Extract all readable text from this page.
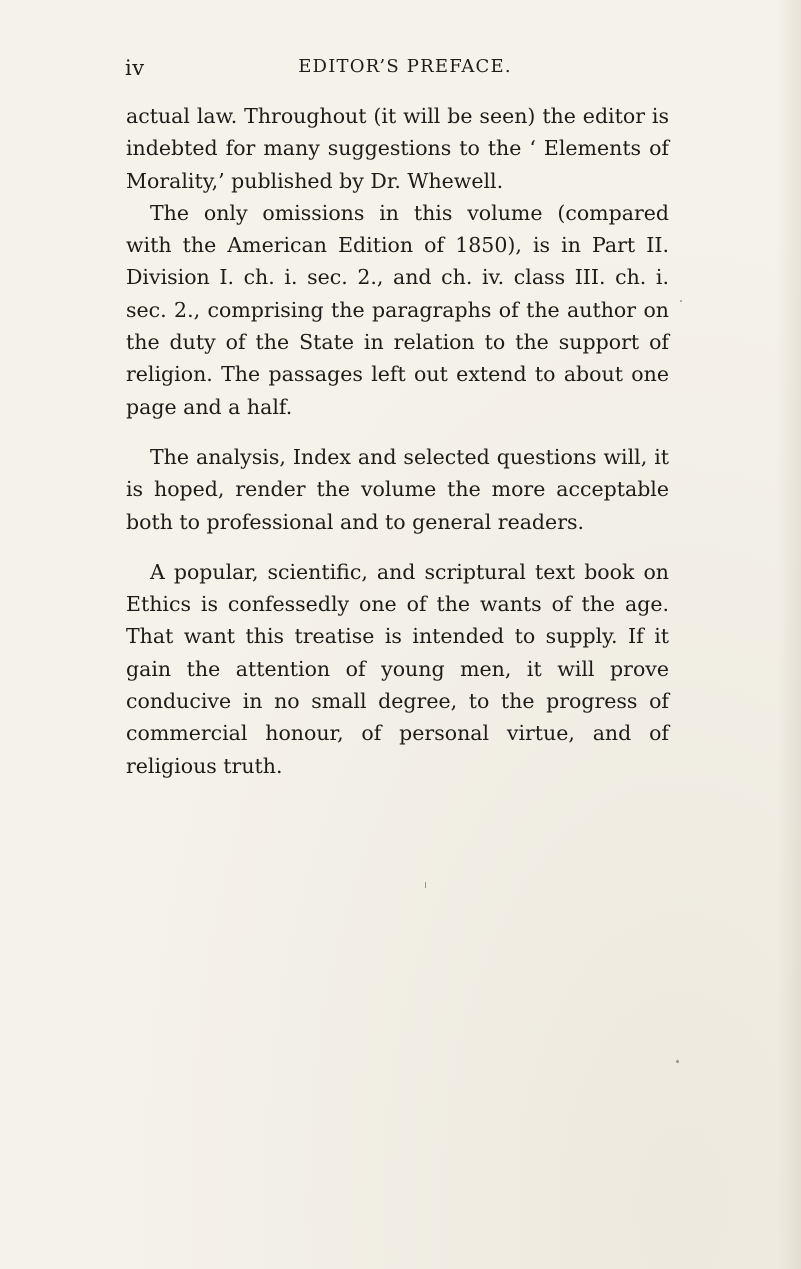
iv	EDITOR’S PREFACE.

actual law. Throughout (it will be seen) the editor is indebted for many suggestions to the ‘ Elements of Morality,’ published by Dr. Whewell.

The only omissions in this volume (compared with the American Edition of 1850), is in Part II. Division I. ch. i. sec. 2., and ch. iv. class III. ch. i. sec. 2., comprising the paragraphs of the author on the duty of the State in relation to the support of religion. The passages left out extend to about one page and a half.

The analysis, Index and selected questions will, it is hoped, render the volume the more acceptable both to professional and to general readers.

A popular, scientific, and scriptural text book on Ethics is confessedly one of the wants of the age. That want this treatise is intended to supply. If it gain the attention of young men, it will prove conducive in no small degree, to the progress of commercial honour, of personal virtue, and of religious truth.
